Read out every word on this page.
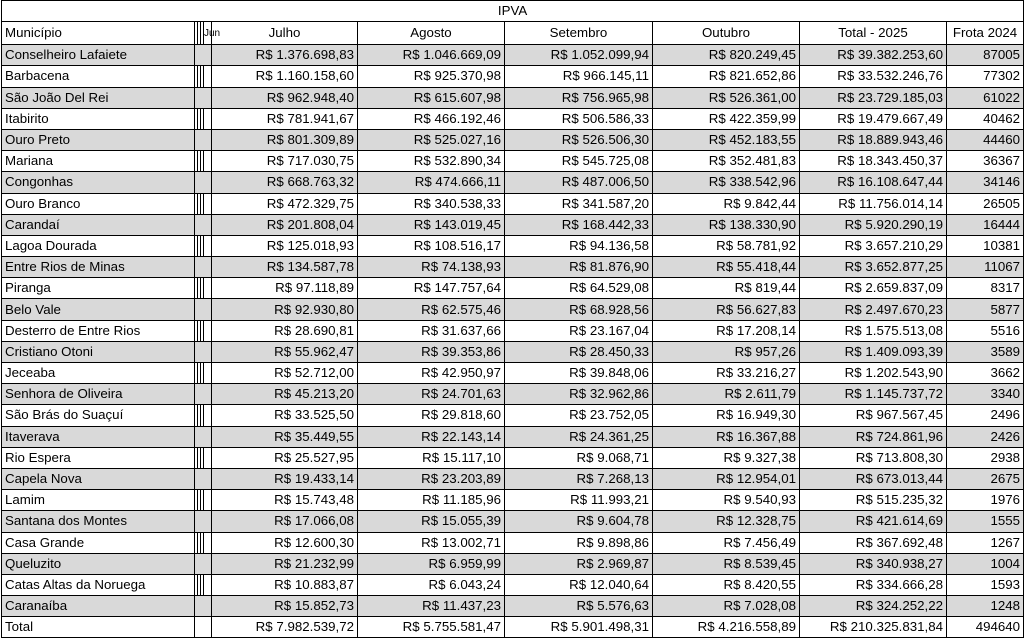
IPVA							
Município	Jun	Julho	Agosto	Setembro	Outubro	Total - 2025	Frota 2024
Conselheiro Lafaiete		R$ 1.376.698,83	R$ 1.046.669,09	R$ 1.052.099,94	R$ 820.249,45	R$ 39.382.253,60	87005
Barbacena		R$ 1.160.158,60	R$ 925.370,98	R$ 966.145,11	R$ 821.652,86	R$ 33.532.246,76	77302
São João Del Rei		R$ 962.948,40	R$ 615.607,98	R$ 756.965,98	R$ 526.361,00	R$ 23.729.185,03	61022
Itabirito		R$ 781.941,67	R$ 466.192,46	R$ 506.586,33	R$ 422.359,99	R$ 19.479.667,49	40462
Ouro Preto		R$ 801.309,89	R$ 525.027,16	R$ 526.506,30	R$ 452.183,55	R$ 18.889.943,46	44460
Mariana		R$ 717.030,75	R$ 532.890,34	R$ 545.725,08	R$ 352.481,83	R$ 18.343.450,37	36367
Congonhas		R$ 668.763,32	R$ 474.666,11	R$ 487.006,50	R$ 338.542,96	R$ 16.108.647,44	34146
Ouro Branco		R$ 472.329,75	R$ 340.538,33	R$ 341.587,20	R$ 9.842,44	R$ 11.756.014,14	26505
Carandaí		R$ 201.808,04	R$ 143.019,45	R$ 168.442,33	R$ 138.330,90	R$ 5.920.290,19	16444
Lagoa Dourada		R$ 125.018,93	R$ 108.516,17	R$ 94.136,58	R$ 58.781,92	R$ 3.657.210,29	10381
Entre Rios de Minas		R$ 134.587,78	R$ 74.138,93	R$ 81.876,90	R$ 55.418,44	R$ 3.652.877,25	11067
Piranga		R$ 97.118,89	R$ 147.757,64	R$ 64.529,08	R$ 819,44	R$ 2.659.837,09	8317
Belo Vale		R$ 92.930,80	R$ 62.575,46	R$ 68.928,56	R$ 56.627,83	R$ 2.497.670,23	5877
Desterro de Entre Rios		R$ 28.690,81	R$ 31.637,66	R$ 23.167,04	R$ 17.208,14	R$ 1.575.513,08	5516
Cristiano Otoni		R$ 55.962,47	R$ 39.353,86	R$ 28.450,33	R$ 957,26	R$ 1.409.093,39	3589
Jeceaba		R$ 52.712,00	R$ 42.950,97	R$ 39.848,06	R$ 33.216,27	R$ 1.202.543,90	3662
Senhora de Oliveira		R$ 45.213,20	R$ 24.701,63	R$ 32.962,86	R$ 2.611,79	R$ 1.145.737,72	3340
São Brás do Suaçuí		R$ 33.525,50	R$ 29.818,60	R$ 23.752,05	R$ 16.949,30	R$ 967.567,45	2496
Itaverava		R$ 35.449,55	R$ 22.143,14	R$ 24.361,25	R$ 16.367,88	R$ 724.861,96	2426
Rio Espera		R$ 25.527,95	R$ 15.117,10	R$ 9.068,71	R$ 9.327,38	R$ 713.808,30	2938
Capela Nova		R$ 19.433,14	R$ 23.203,89	R$ 7.268,13	R$ 12.954,01	R$ 673.013,44	2675
Lamim		R$ 15.743,48	R$ 11.185,96	R$ 11.993,21	R$ 9.540,93	R$ 515.235,32	1976
Santana dos Montes		R$ 17.066,08	R$ 15.055,39	R$ 9.604,78	R$ 12.328,75	R$ 421.614,69	1555
Casa Grande		R$ 12.600,30	R$ 13.002,71	R$ 9.898,86	R$ 7.456,49	R$ 367.692,48	1267
Queluzito		R$ 21.232,99	R$ 6.959,99	R$ 2.969,87	R$ 8.539,45	R$ 340.938,27	1004
Catas Altas da Noruega		R$ 10.883,87	R$ 6.043,24	R$ 12.040,64	R$ 8.420,55	R$ 334.666,28	1593
Caranaíba		R$ 15.852,73	R$ 11.437,23	R$ 5.576,63	R$ 7.028,08	R$ 324.252,22	1248
Total		R$ 7.982.539,72	R$ 5.755.581,47	R$ 5.901.498,31	R$ 4.216.558,89	R$ 210.325.831,84	494640
